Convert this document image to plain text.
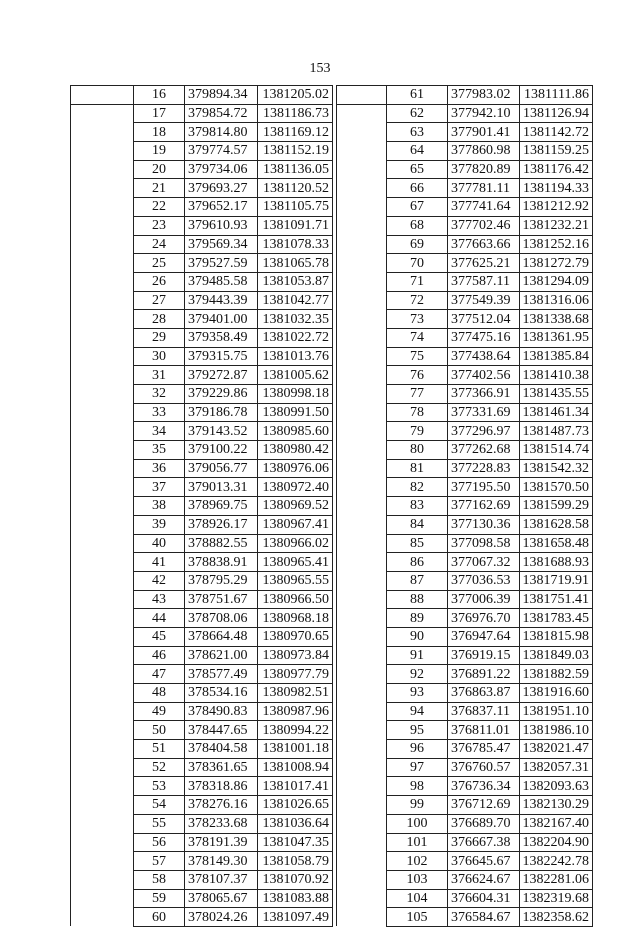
153
	16	379894.34	1381205.02
	17	379854.72	1381186.73
	18	379814.80	1381169.12
	19	379774.57	1381152.19
	20	379734.06	1381136.05
	21	379693.27	1381120.52
	22	379652.17	1381105.75
	23	379610.93	1381091.71
	24	379569.34	1381078.33
	25	379527.59	1381065.78
	26	379485.58	1381053.87
	27	379443.39	1381042.77
	28	379401.00	1381032.35
	29	379358.49	1381022.72
	30	379315.75	1381013.76
	31	379272.87	1381005.62
	32	379229.86	1380998.18
	33	379186.78	1380991.50
	34	379143.52	1380985.60
	35	379100.22	1380980.42
	36	379056.77	1380976.06
	37	379013.31	1380972.40
	38	378969.75	1380969.52
	39	378926.17	1380967.41
	40	378882.55	1380966.02
	41	378838.91	1380965.41
	42	378795.29	1380965.55
	43	378751.67	1380966.50
	44	378708.06	1380968.18
	45	378664.48	1380970.65
	46	378621.00	1380973.84
	47	378577.49	1380977.79
	48	378534.16	1380982.51
	49	378490.83	1380987.96
	50	378447.65	1380994.22
	51	378404.58	1381001.18
	52	378361.65	1381008.94
	53	378318.86	1381017.41
	54	378276.16	1381026.65
	55	378233.68	1381036.64
	56	378191.39	1381047.35
	57	378149.30	1381058.79
	58	378107.37	1381070.92
	59	378065.67	1381083.88
	60	378024.26	1381097.49
	61	377983.02	1381111.86
	62	377942.10	1381126.94
	63	377901.41	1381142.72
	64	377860.98	1381159.25
	65	377820.89	1381176.42
	66	377781.11	1381194.33
	67	377741.64	1381212.92
	68	377702.46	1381232.21
	69	377663.66	1381252.16
	70	377625.21	1381272.79
	71	377587.11	1381294.09
	72	377549.39	1381316.06
	73	377512.04	1381338.68
	74	377475.16	1381361.95
	75	377438.64	1381385.84
	76	377402.56	1381410.38
	77	377366.91	1381435.55
	78	377331.69	1381461.34
	79	377296.97	1381487.73
	80	377262.68	1381514.74
	81	377228.83	1381542.32
	82	377195.50	1381570.50
	83	377162.69	1381599.29
	84	377130.36	1381628.58
	85	377098.58	1381658.48
	86	377067.32	1381688.93
	87	377036.53	1381719.91
	88	377006.39	1381751.41
	89	376976.70	1381783.45
	90	376947.64	1381815.98
	91	376919.15	1381849.03
	92	376891.22	1381882.59
	93	376863.87	1381916.60
	94	376837.11	1381951.10
	95	376811.01	1381986.10
	96	376785.47	1382021.47
	97	376760.57	1382057.31
	98	376736.34	1382093.63
	99	376712.69	1382130.29
	100	376689.70	1382167.40
	101	376667.38	1382204.90
	102	376645.67	1382242.78
	103	376624.67	1382281.06
	104	376604.31	1382319.68
	105	376584.67	1382358.62
